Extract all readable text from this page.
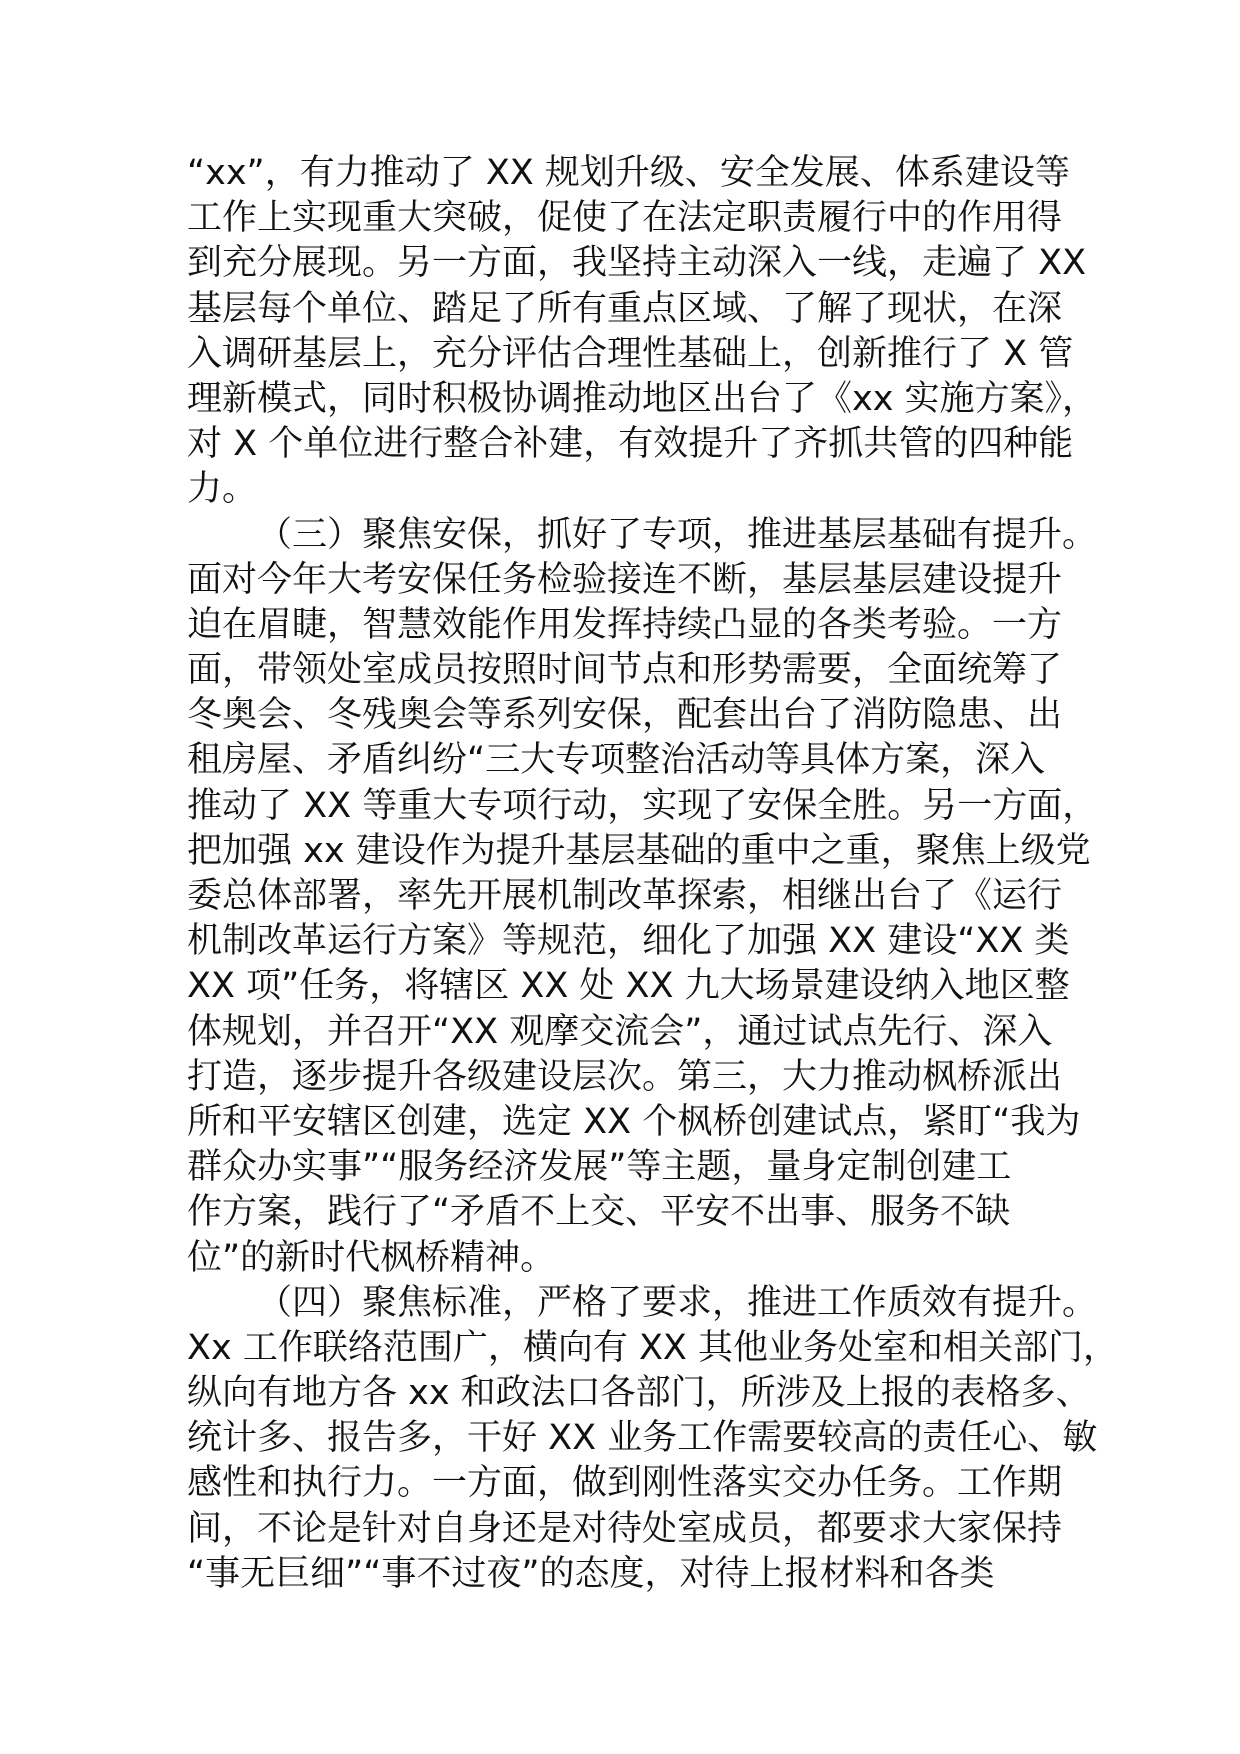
“xx”，有力推动了 XX 规划升级、安全发展、体系建设等
工作上实现重大突破，促使了在法定职责履行中的作用得
到充分展现。另一方面，我坚持主动深入一线，走遍了 XX
基层每个单位、踏足了所有重点区域、了解了现状，在深
入调研基层上，充分评估合理性基础上，创新推行了 X 管
理新模式，同时积极协调推动地区出台了《xx 实施方案》，
对 X 个单位进行整合补建，有效提升了齐抓共管的四种能
力。
（三）聚焦安保，抓好了专项，推进基层基础有提升。
面对今年大考安保任务检验接连不断，基层基层建设提升
迫在眉睫，智慧效能作用发挥持续凸显的各类考验。一方
面，带领处室成员按照时间节点和形势需要，全面统筹了
冬奥会、冬残奥会等系列安保，配套出台了消防隐患、出
租房屋、矛盾纠纷“三大专项整治活动等具体方案，深入
推动了 XX 等重大专项行动，实现了安保全胜。另一方面，
把加强 xx 建设作为提升基层基础的重中之重，聚焦上级党
委总体部署，率先开展机制改革探索，相继出台了《运行
机制改革运行方案》等规范，细化了加强 XX 建设“XX 类
XX 项”任务，将辖区 XX 处 XX 九大场景建设纳入地区整
体规划，并召开“XX 观摩交流会”，通过试点先行、深入
打造，逐步提升各级建设层次。第三，大力推动枫桥派出
所和平安辖区创建，选定 XX 个枫桥创建试点，紧盯“我为
群众办实事”“服务经济发展”等主题，量身定制创建工
作方案，践行了“矛盾不上交、平安不出事、服务不缺
位”的新时代枫桥精神。
（四）聚焦标准，严格了要求，推进工作质效有提升。
Xx 工作联络范围广，横向有 XX 其他业务处室和相关部门，
纵向有地方各 xx 和政法口各部门，所涉及上报的表格多、
统计多、报告多，干好 XX 业务工作需要较高的责任心、敏
感性和执行力。一方面，做到刚性落实交办任务。工作期
间，不论是针对自身还是对待处室成员，都要求大家保持
“事无巨细”“事不过夜”的态度，对待上报材料和各类
